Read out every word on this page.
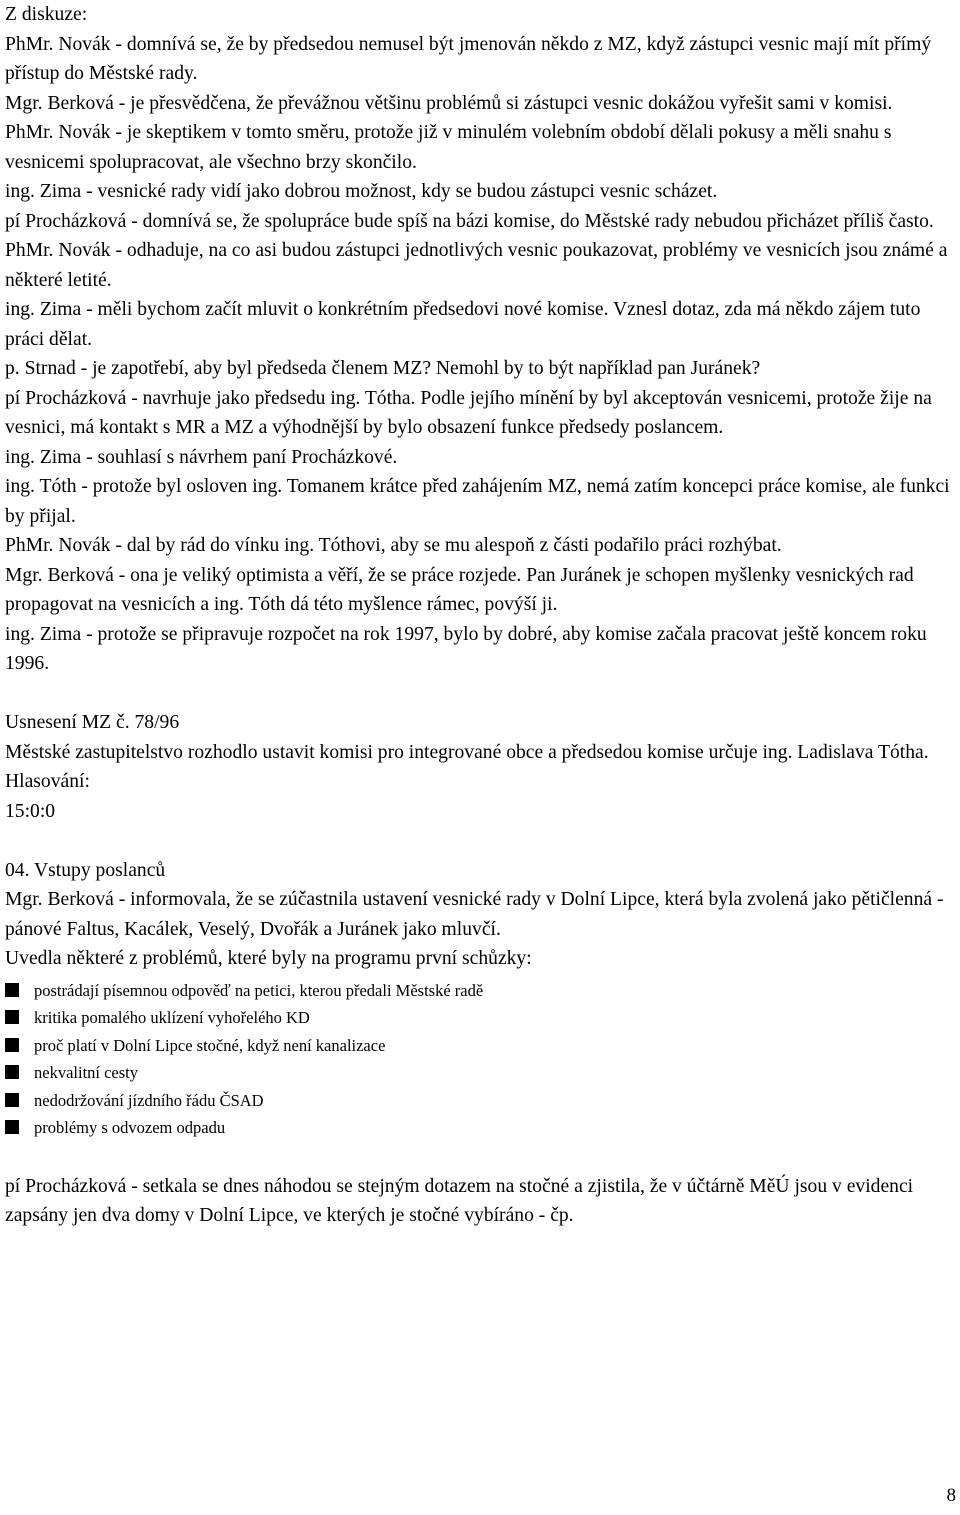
Z diskuze:

PhMr. Novák - domnívá se, že by předsedou nemusel být jmenován někdo z MZ, když zástupci vesnic mají mít přímý přístup do Městské rady.

Mgr. Berková - je přesvědčena, že převážnou většinu problémů si zástupci vesnic dokážou vyřešit sami v komisi.

PhMr. Novák - je skeptikem v tomto směru, protože již v minulém volebním období dělali pokusy a měli snahu s vesnicemi spolupracovat, ale všechno brzy skončilo.

ing. Zima - vesnické rady vidí jako dobrou možnost, kdy se budou zástupci vesnic scházet.

pí Procházková - domnívá se, že spolupráce bude spíš na bázi komise, do Městské rady nebudou přicházet příliš často.

PhMr. Novák - odhaduje, na co asi budou zástupci jednotlivých vesnic poukazovat, problémy ve vesnicích jsou známé a některé letité.

ing. Zima - měli bychom začít mluvit o konkrétním předsedovi nové komise. Vznesl dotaz, zda má někdo zájem tuto práci dělat.

p. Strnad - je zapotřebí, aby byl předseda členem MZ? Nemohl by to být například pan Juránek?

pí Procházková - navrhuje jako předsedu ing. Tótha. Podle jejího mínění by byl akceptován vesnicemi, protože žije na vesnici, má kontakt s MR a MZ a výhodnější by bylo obsazení funkce předsedy poslancem.

ing. Zima - souhlasí s návrhem paní Procházkové.

ing. Tóth - protože byl osloven ing. Tomanem krátce před zahájením MZ, nemá zatím koncepci práce komise, ale funkci by přijal.

PhMr. Novák - dal by rád do vínku ing. Tóthovi, aby se mu alespoň z části podařilo práci rozhýbat.

Mgr. Berková - ona je veliký optimista a věří, že se práce rozjede. Pan Juránek je schopen myšlenky vesnických rad propagovat na vesnicích a ing. Tóth dá této myšlence rámec, povýší ji.

ing. Zima - protože se připravuje rozpočet na rok 1997, bylo by dobré, aby komise začala pracovat ještě koncem roku 1996.

Usnesení MZ č. 78/96

Městské zastupitelstvo rozhodlo ustavit komisi pro integrované obce a předsedou komise určuje ing. Ladislava Tótha.

Hlasování:

15:0:0

04. Vstupy poslanců

Mgr. Berková - informovala, že se zúčastnila ustavení vesnické rady v Dolní Lipce, která byla zvolená jako pětičlenná - pánové Faltus, Kacálek, Veselý, Dvořák a Juránek jako mluvčí.

Uvedla některé z problémů, které byly na programu první schůzky:

postrádají písemnou odpověď na petici, kterou předali Městské radě
kritika pomalého uklízení vyhořelého KD
proč platí v Dolní Lipce stočné, když není kanalizace
nekvalitní cesty
nedodržování jízdního řádu ČSAD
problémy s odvozem odpadu

pí Procházková - setkala se dnes náhodou se stejným dotazem na stočné a zjistila, že v účtárně MěÚ jsou v evidenci zapsány jen dva domy v Dolní Lipce, ve kterých je stočné vybíráno - čp.

8
